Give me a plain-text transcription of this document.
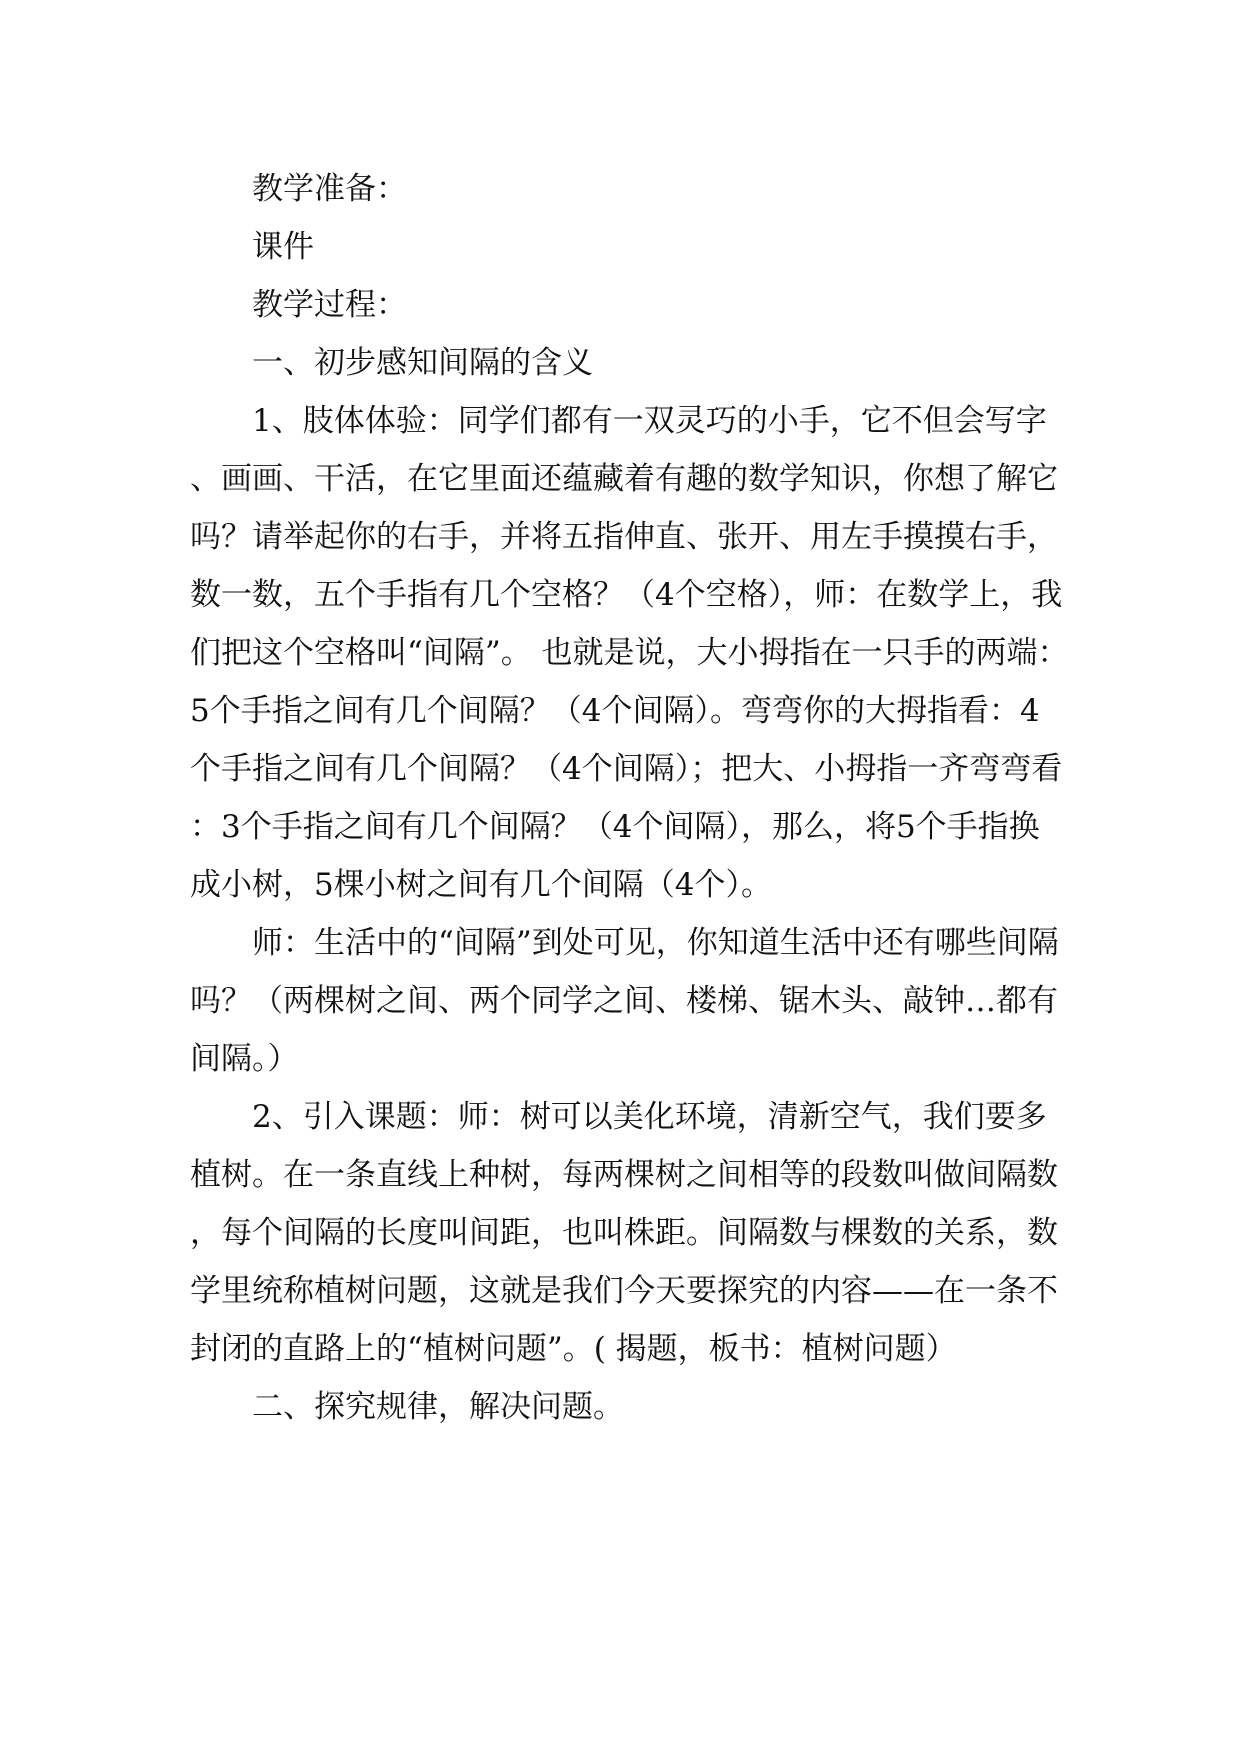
教学准备：

课件

教学过程：

一、初步感知间隔的含义

1、肢体体验：同学们都有一双灵巧的小手，它不但会写字、画画、干活，在它里面还蕴藏着有趣的数学知识，你想了解它吗？请举起你的右手，并将五指伸直、张开、用左手摸摸右手，数一数，五个手指有几个空格？（4个空格），师：在数学上，我们把这个空格叫“间隔”。 也就是说，大小拇指在一只手的两端：5个手指之间有几个间隔？（4个间隔）。弯弯你的大拇指看：4个手指之间有几个间隔？（4个间隔）；把大、小拇指一齐弯弯看：3个手指之间有几个间隔？（4个间隔），那么，将5个手指换成小树，5棵小树之间有几个间隔（4个）。

师：生活中的“间隔”到处可见，你知道生活中还有哪些间隔吗？（两棵树之间、两个同学之间、楼梯、锯木头、敲钟…都有间隔。）

2、引入课题：师：树可以美化环境，清新空气，我们要多植树。在一条直线上种树，每两棵树之间相等的段数叫做间隔数，每个间隔的长度叫间距，也叫株距。间隔数与棵数的关系，数学里统称植树问题，这就是我们今天要探究的内容——在一条不封闭的直路上的“植树问题”。( 揭题，板书：植树问题）

二、探究规律，解决问题。
